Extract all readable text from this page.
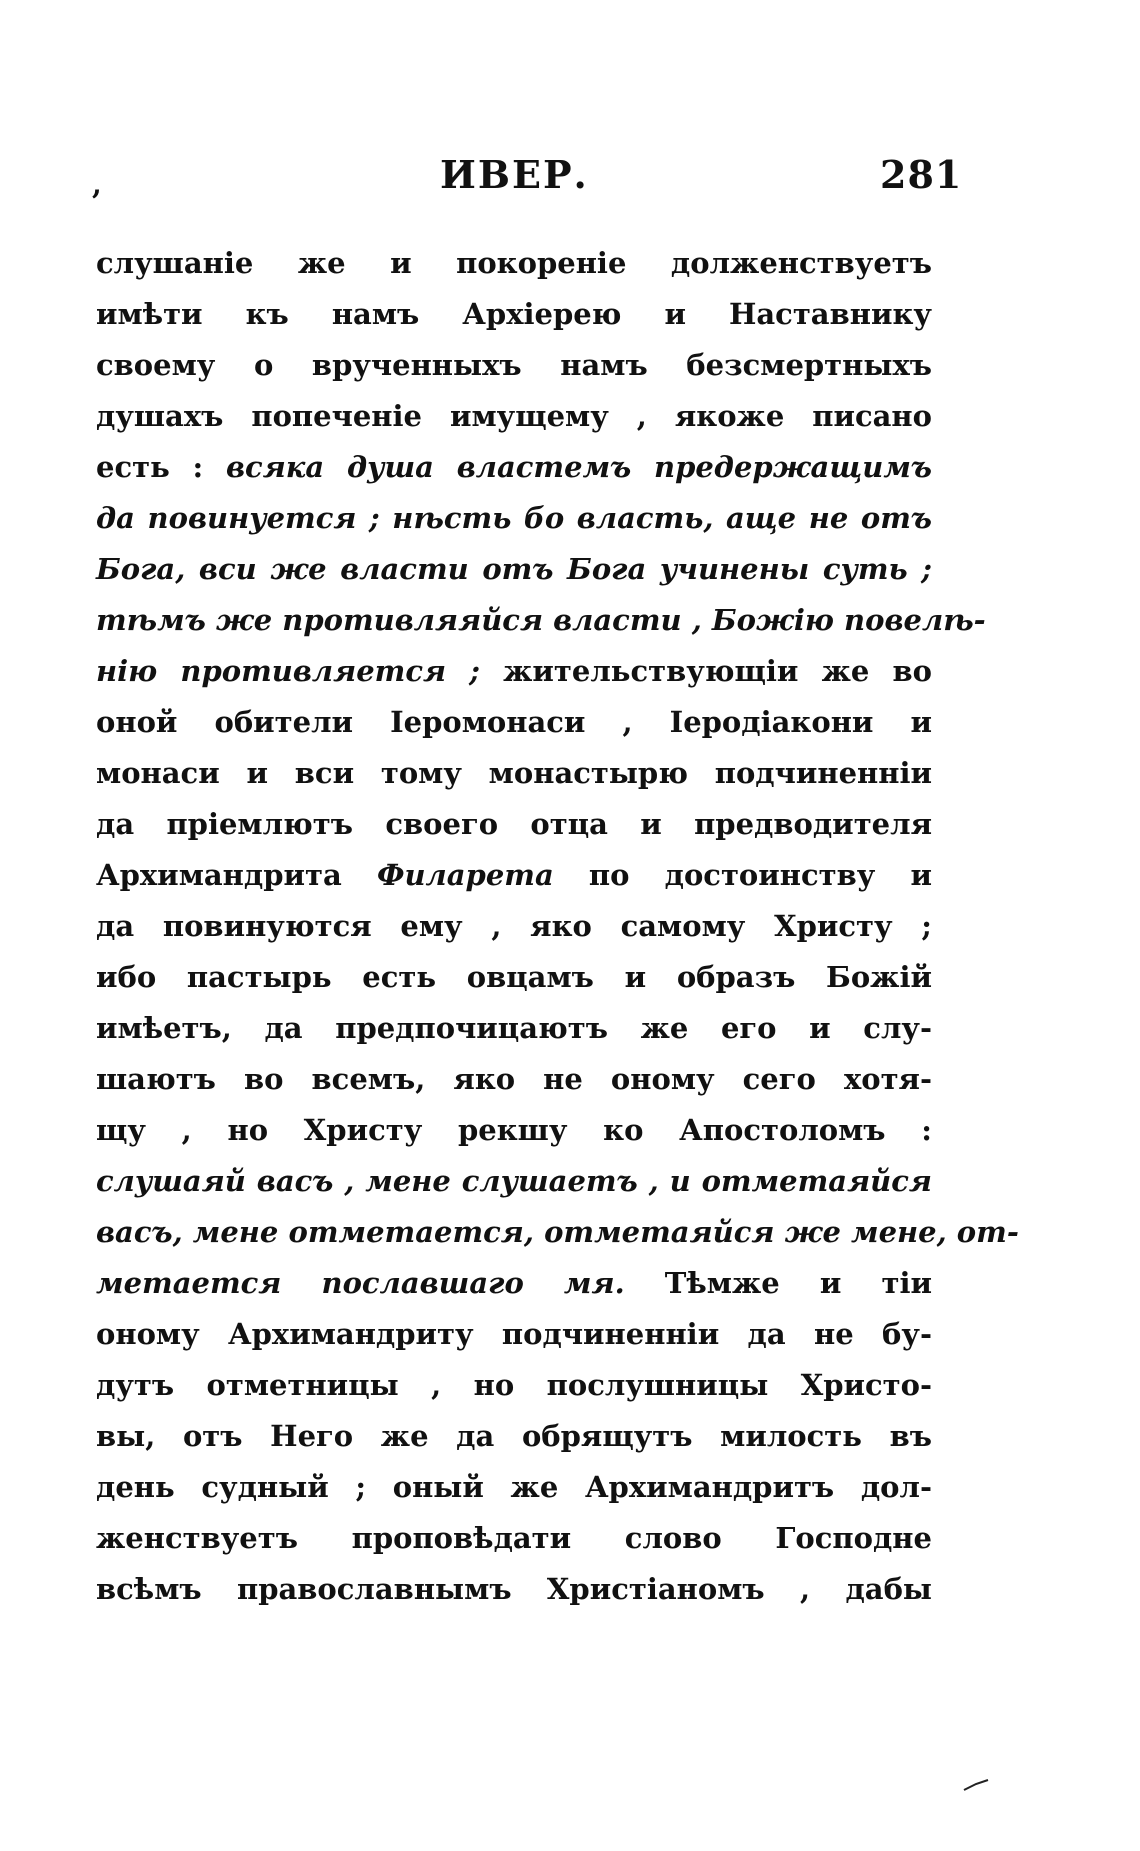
,	ИВЕР.	281
слушаніе же и покореніе долженствуетъ
имѣти къ намъ Архіерею и Наставнику
своему о врученныхъ намъ безсмертныхъ
душахъ попеченіе имущему , якоже писано
есть : всяка душа властемъ предержащимъ
да повинуется ; нѣсть бо власть, аще не отъ
Бога, вси же власти отъ Бога учинены суть ;
тѣмъ же противляяйся власти , Божію повелѣ-
нію противляется ; жительствующіи же во
оной обители Іеромонаси , Іеродіакони и
монаси и вси тому монастырю подчиненніи
да пріемлютъ своего отца и предводителя
Архимандрита Филарета по достоинству и
да повинуются ему , яко самому Христу ;
ибо пастырь есть овцамъ и образъ Божій
имѣетъ, да предпочицаютъ же его и слу-
шаютъ во всемъ, яко не оному сего хотя-
щу , но Христу рекшу ко Апостоломъ :
слушаяй васъ , мене слушаетъ , и отметаяйся
васъ, мене отметается, отметаяйся же мене, от-
метается пославшаго мя. Тѣмже и тіи
оному Архимандриту подчиненніи да не бу-
дутъ отметницы , но послушницы Христо-
вы, отъ Него же да обрящутъ милость въ
день судный ; оный же Архимандритъ дол-
женствуетъ проповѣдати слово Господне
всѣмъ православнымъ Христіаномъ , дабы
